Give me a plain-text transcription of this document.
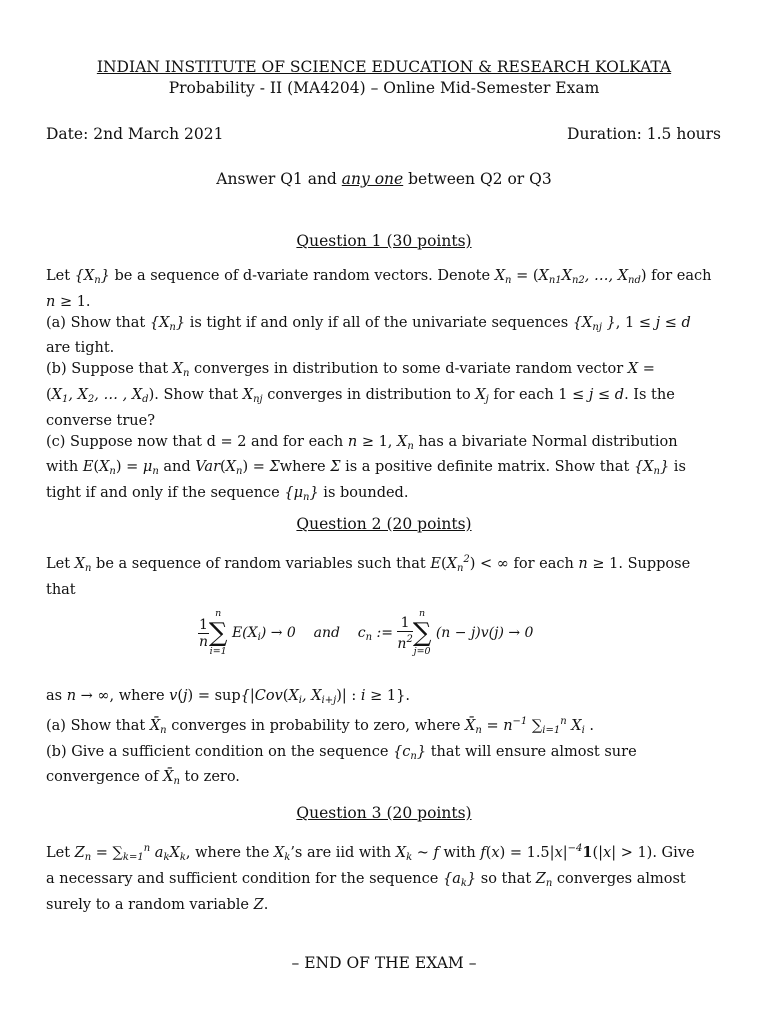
INDIAN INSTITUTE OF SCIENCE EDUCATION & RESEARCH KOLKATA
Probability - II (MA4204) – Online Mid-Semester Exam
Date: 2nd March 2021	Duration: 1.5 hours
Answer Q1 and any one between Q2 or Q3
Question 1 (30 points)
Let $\{X_n\}$ be a sequence of d-variate random vectors. Denote $X_n = (X_{n1}X_{n2}$, …, $X_{nd}$) for each
n ≥ 1.
(a) Show that $\{X_n\}$ is tight if and only if all of the univariate sequences {$X_{nj}$ }, 1 ≤ j ≤ d
are tight.
(b) Suppose that $X_n$ converges in distribution to some d-variate random vector X =
($X_1$, $X_2$, … , $X_d$). Show that $X_{nj}$ converges in distribution to $X_j$ for each 1 ≤ j ≤ d. Is the
converse true?
(c) Suppose now that d = 2 and for each n ≥ 1, $X_n$ has a bivariate Normal distribution
with $E(X_n) = \mu_n$ and $Var(X_n)$ = Σwhere Σ is a positive definite matrix. Show that $\{X_n\}$ is
tight if and only if the sequence $\{\mu_n\}$ is bounded.
Question 2 (20 points)
Let $X_n$ be a sequence of random variables such that $E(X_n^2)$ < ∞ for each n ≥ 1. Suppose
that
$\frac{1}{n}$
n
∑
i=1
$E(X_i) \to 0$    and    $c_n$ := $\frac{1}{n^2}$
n
∑
j=0
(n − j)v(j) → 0
as n → ∞, where $v(j) = sup\{|Cov(X_i$, $X_{i+j})|$ : i ≥ 1}.
(a) Show that $X̄_n$ converges in probability to zero, where $X̄_n = n^{-1}$ $\sum_{i=1}^n$ $X_i$ .
(b) Give a sufficient condition on the sequence $\{c_n\}$ that will ensure almost sure
convergence of $X̄_n$ to zero.
Question 3 (20 points)
Let $Z_n = \sum_{k=1}^n$ $a_kX_k$, where the $X_k’s$ are iid with $X_k$ ~ f with $f(x) = 1.5|x|^{-4}1(|x| > 1)$. Give
a necessary and sufficient condition for the sequence $\{a_k\}$ so that $Z_n$ converges almost
surely to a random variable Z.
– END OF THE EXAM –
